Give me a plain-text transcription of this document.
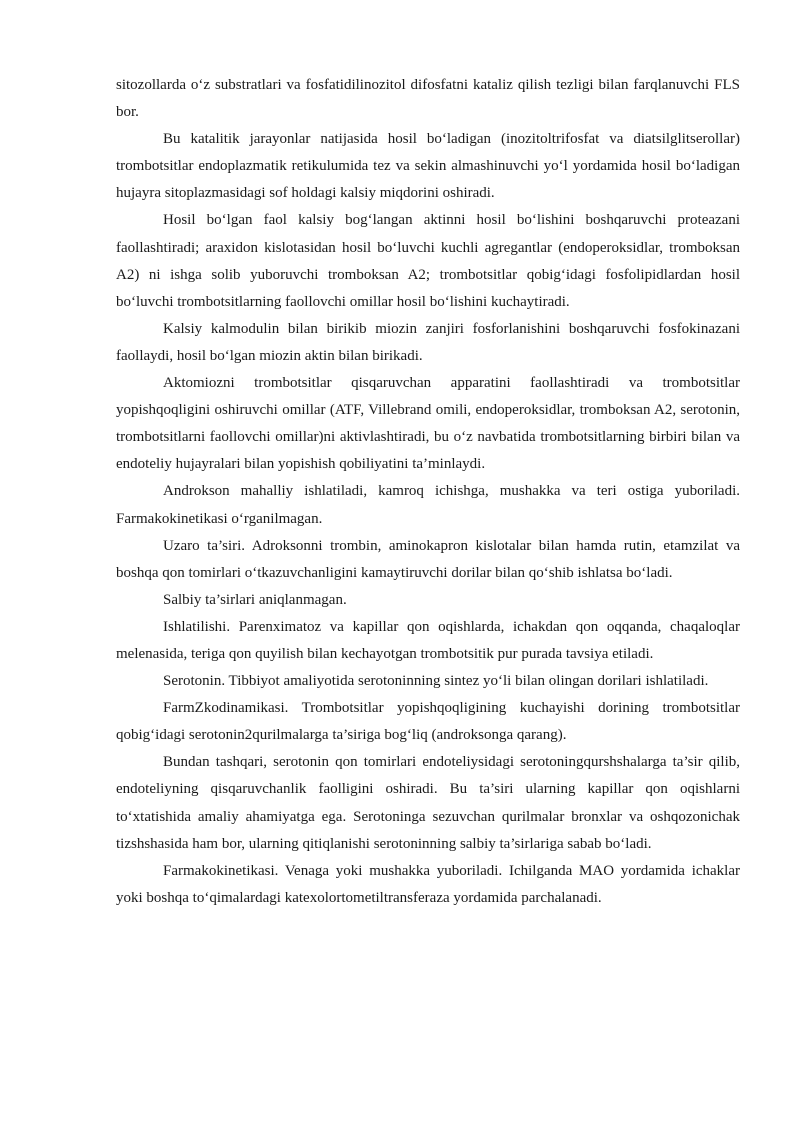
sitozollarda o‘z substratlari va fosfatidilinozitol difosfatni kataliz qilish tezligi bilan farqlanuvchi FLS bor.

Bu katalitik jarayonlar natijasida hosil bo‘ladigan (inozitoltrifosfat va diatsilglitserollar) trombotsitlar endoplazmatik retikulumida tez va sekin almashinuvchi yo‘l yordamida hosil bo‘ladigan hujayra sitoplazmasidagi sof holdagi kalsiy miqdorini oshiradi.

Hosil bo‘lgan faol kalsiy bog‘langan aktinni hosil bo‘lishini boshqaruvchi proteazani faollashtiradi; araxidon kislotasidan hosil bo‘luvchi kuchli agregantlar (endoperoksidlar, tromboksan A2) ni ishga solib yuboruvchi tromboksan A2; trombotsitlar qobig‘idagi fosfolipidlardan hosil bo‘luvchi trombotsitlarning faollovchi omillar hosil bo‘lishini kuchaytiradi.

Kalsiy kalmodulin bilan birikib miozin zanjiri fosforlanishini boshqaruvchi fosfokinazani faollaydi, hosil bo‘lgan miozin aktin bilan birikadi.

Aktomiozni trombotsitlar qisqaruvchan apparatini faollashtiradi va trombotsitlar yopishqoqligini oshiruvchi omillar (ATF, Villebrand omili, endoperoksidlar, tromboksan A2, serotonin, trombotsitlarni faollovchi omillar)ni aktivlashtiradi, bu o‘z navbatida trombotsitlarning birbiri bilan va endoteliy hujayralari bilan yopishish qobiliyatini ta’minlaydi.

Androkson mahalliy ishlatiladi, kamroq ichishga, mushakka va teri ostiga yuboriladi. Farmakokinetikasi o‘rganilmagan.

Uzaro ta’siri. Adroksonni trombin, aminokapron kislotalar bilan hamda rutin, etamzilat va boshqa qon tomirlari o‘tkazuvchanligini kamaytiruvchi dorilar bilan qo‘shib ishlatsa bo‘ladi.

Salbiy ta’sirlari aniqlanmagan.

Ishlatilishi. Parenximatoz va kapillar qon oqishlarda, ichakdan qon oqqanda, chaqaloqlar melenasida, teriga qon quyilish bilan kechayotgan trombotsitik pur purada tavsiya etiladi.

Serotonin. Tibbiyot amaliyotida serotoninning sintez yo‘li bilan olingan dorilari ishlatiladi.

FarmZkodinamikasi. Trombotsitlar yopishqoqligining kuchayishi dorining trombotsitlar qobig‘idagi serotonin2qurilmalarga ta’siriga bog‘liq (androksonga qarang).

Bundan tashqari, serotonin qon tomirlari endoteliysidagi serotoningqurshshalarga ta’sir qilib, endoteliyning qisqaruvchanlik faolligini oshiradi. Bu ta’siri ularning kapillar qon oqishlarni to‘xtatishida amaliy ahamiyatga ega. Serotoninga sezuvchan qurilmalar bronxlar va oshqozonichak tizshshasida ham bor, ularning qitiqlanishi serotoninning salbiy ta’sirlariga sabab bo‘ladi.

Farmakokinetikasi. Venaga yoki mushakka yuboriladi. Ichilganda MAO yordamida ichaklar yoki boshqa to‘qimalardagi katexolortometiltransferaza yordamida parchalanadi.
